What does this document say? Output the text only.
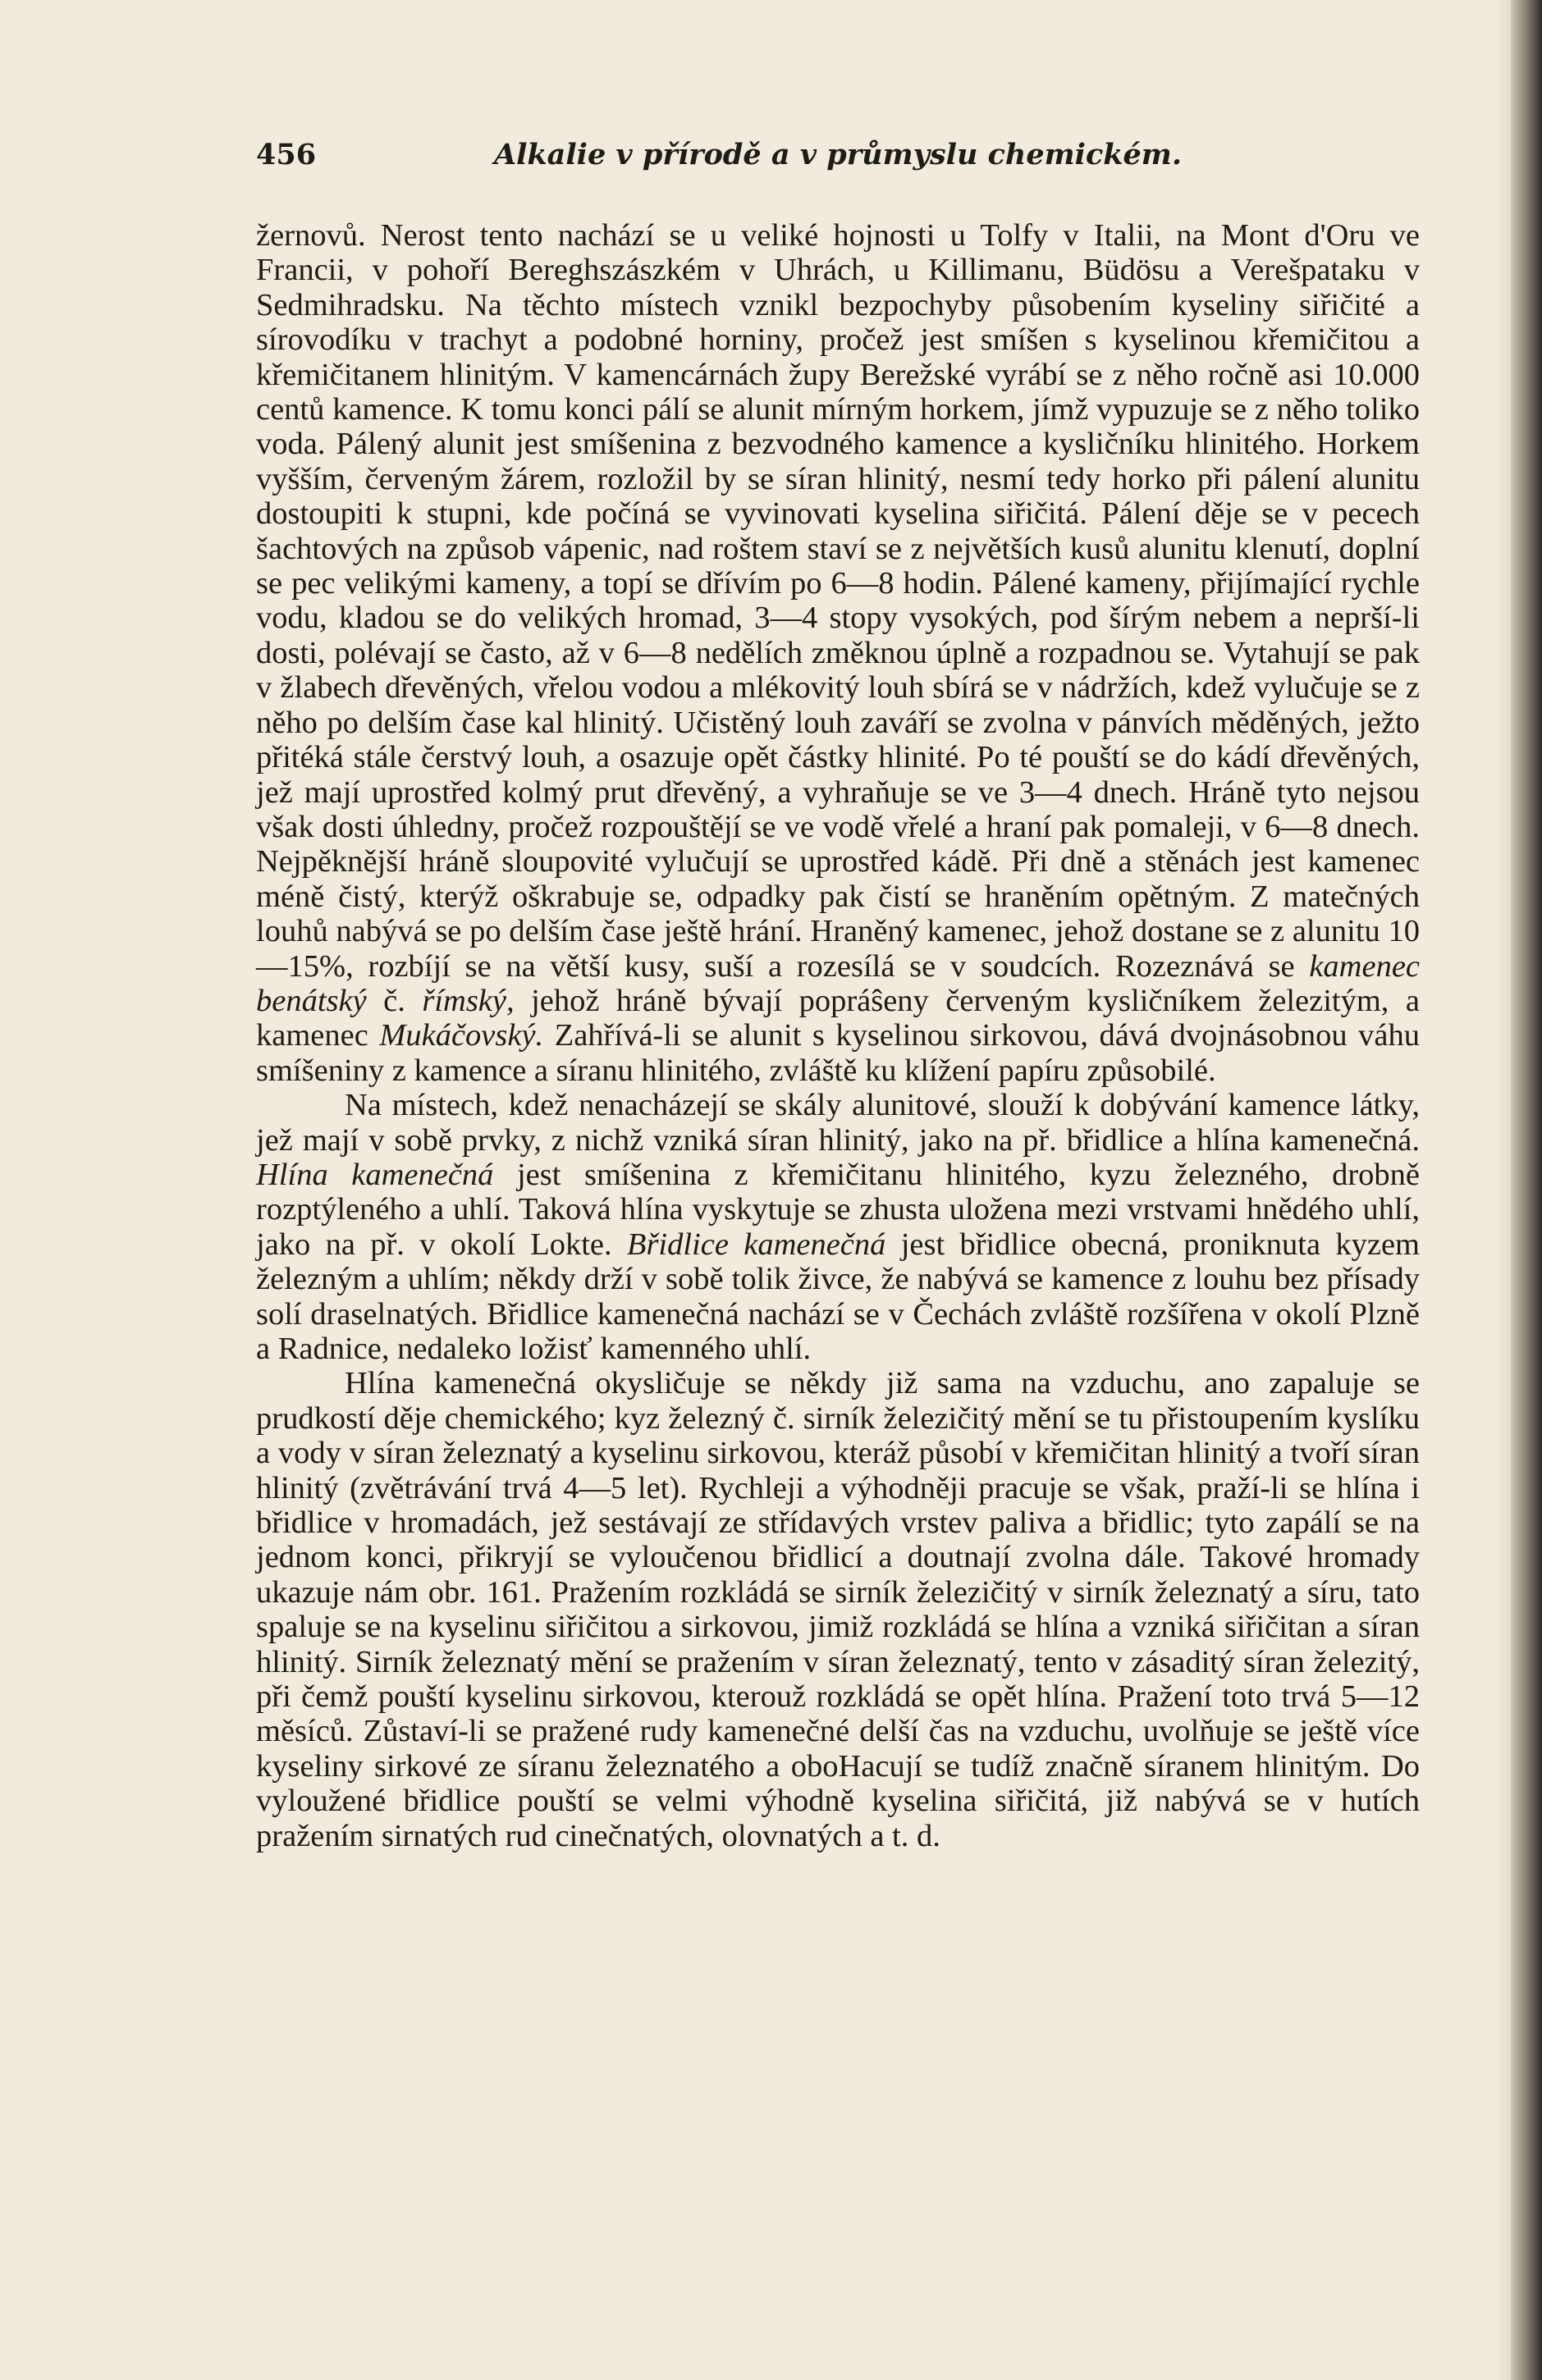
456	Alkalie v přírodě a v průmyslu chemickém.

žernovů. Nerost tento nachází se u veliké hojnosti u Tolfy v Italii, na Mont d'Oru ve Francii, v pohoří Bereghszászkém v Uhrách, u Killimanu, Büdösu a Verešpataku v Sedmihradsku. Na těchto místech vznikl bezpochyby působením kyseliny siřičité a sírovodíku v trachyt a podobné horniny, pročež jest smíšen s kyselinou křemičitou a křemičitanem hlinitým. V kamencárnách župy Berežské vyrábí se z něho ročně asi 10.000 centů kamence. K tomu konci pálí se alunit mírným horkem, jímž vypuzuje se z něho toliko voda. Pálený alunit jest smíšenina z bezvodného kamence a kysličníku hlinitého. Horkem vyšším, červeným žárem, rozložil by se síran hlinitý, nesmí tedy horko při pálení alunitu dostoupiti k stupni, kde počíná se vyvinovati kyselina siřičitá. Pálení děje se v pecech šachtových na způsob vápenic, nad roštem staví se z největších kusů alunitu klenutí, doplní se pec velikými kameny, a topí se dřívím po 6—8 hodin. Pálené kameny, přijímající rychle vodu, kladou se do velikých hromad, 3—4 stopy vysokých, pod šírým nebem a neprší-li dosti, polévají se často, až v 6—8 nedělích změknou úplně a rozpadnou se. Vytahují se pak v žlabech dřevěných, vřelou vodou a mlékovitý louh sbírá se v nádržích, kdež vylučuje se z něho po delším čase kal hlinitý. Učistěný louh zaváří se zvolna v pánvích měděných, ježto přitéká stále čerstvý louh, a osazuje opět částky hlinité. Po té pouští se do kádí dřevěných, jež mají uprostřed kolmý prut dřevěný, a vyhraňuje se ve 3—4 dnech. Hráně tyto nejsou však dosti úhledny, pročež rozpouštějí se ve vodě vřelé a hraní pak pomaleji, v 6—8 dnech. Nejpěknější hráně sloupovité vylučují se uprostřed kádě. Při dně a stěnách jest kamenec méně čistý, kterýž oškrabuje se, odpadky pak čistí se hraněním opětným. Z matečných louhů nabývá se po delším čase ještě hrání. Hraněný kamenec, jehož dostane se z alunitu 10—15%, rozbíjí se na větší kusy, suší a rozesílá se v soudcích. Rozeznává se kamenec benátský č. římský, jehož hráně bývají popráŝeny červeným kysličníkem železitým, a kamenec Mukáčovský. Zahřívá-li se alunit s kyselinou sirkovou, dává dvojnásobnou váhu smíšeniny z kamence a síranu hlinitého, zvláště ku klížení papíru způsobilé.

Na místech, kdež nenacházejí se skály alunitové, slouží k dobývání kamence látky, jež mají v sobě prvky, z nichž vzniká síran hlinitý, jako na př. břidlice a hlína kamenečná. Hlína kamenečná jest smíšenina z křemičitanu hlinitého, kyzu železného, drobně rozptýleného a uhlí. Taková hlína vyskytuje se zhusta uložena mezi vrstvami hnědého uhlí, jako na př. v okolí Lokte. Břidlice kamenečná jest břidlice obecná, proniknuta kyzem železným a uhlím; někdy drží v sobě tolik živce, že nabývá se kamence z louhu bez přísady solí draselnatých. Břidlice kamenečná nachází se v Čechách zvláště rozšířena v okolí Plzně a Radnice, nedaleko ložisť kamenného uhlí.

Hlína kamenečná okysličuje se někdy již sama na vzduchu, ano zapaluje se prudkostí děje chemického; kyz železný č. sirník železičitý mění se tu přistoupením kyslíku a vody v síran železnatý a kyselinu sirkovou, kteráž působí v křemičitan hlinitý a tvoří síran hlinitý (zvětrávání trvá 4—5 let). Rychleji a výhodněji pracuje se však, praží-li se hlína i břidlice v hromadách, jež sestávají ze střídavých vrstev paliva a břidlic; tyto zapálí se na jednom konci, přikryjí se vyloučenou břidlicí a doutnají zvolna dále. Takové hromady ukazuje nám obr. 161. Pražením rozkládá se sirník železičitý v sirník železnatý a síru, tato spaluje se na kyselinu siřičitou a sirkovou, jimiž rozkládá se hlína a vzniká siřičitan a síran hlinitý. Sirník železnatý mění se pražením v síran železnatý, tento v zásaditý síran železitý, při čemž pouští kyselinu sirkovou, kterouž rozkládá se opět hlína. Pražení toto trvá 5—12 měsíců. Zůstaví-li se pražené rudy kamenečné delší čas na vzduchu, uvolňuje se ještě více kyseliny sirkové ze síranu železnatého a oboHacují se tudíž značně síranem hlinitým. Do vyloužené břidlice pouští se velmi výhodně kyselina siřičitá, již nabývá se v hutích pražením sirnatých rud cinečnatých, olovnatých a t. d.
